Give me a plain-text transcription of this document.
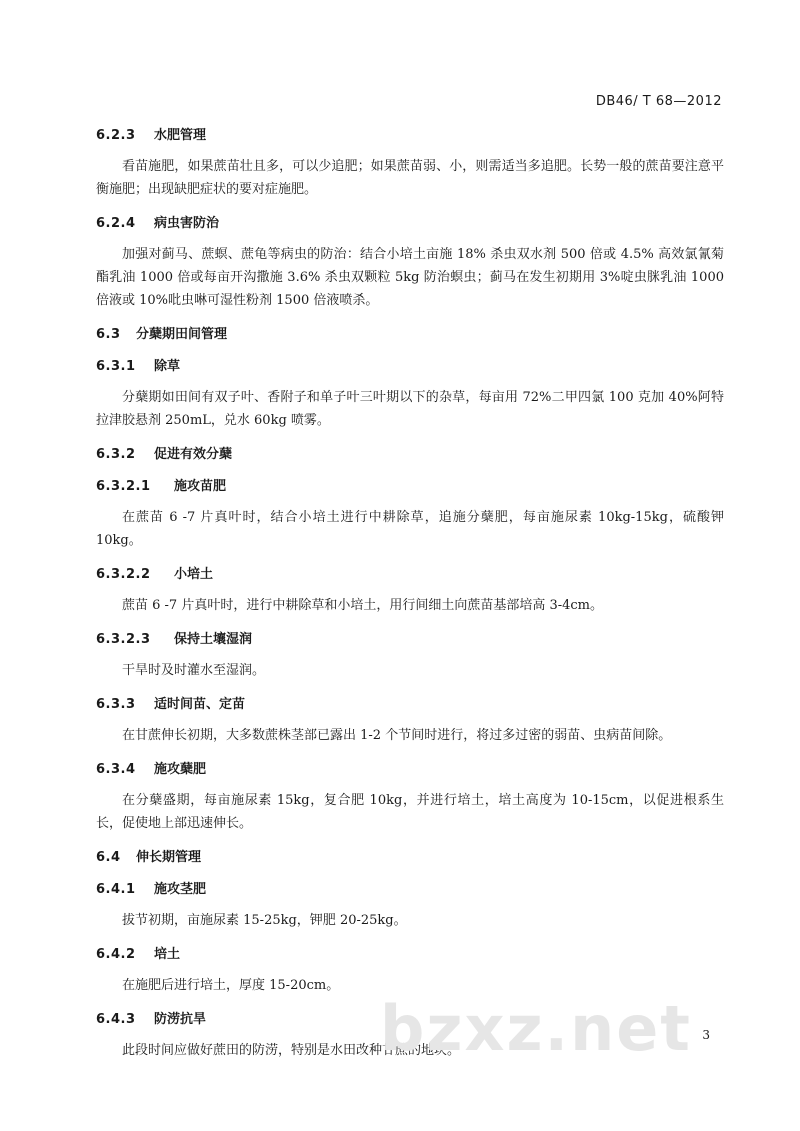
DB46/ T 68—2012
6.2.3 水肥管理

看苗施肥，如果蔗苗壮且多，可以少追肥；如果蔗苗弱、小，则需适当多追肥。长势一般的蔗苗要注意平衡施肥；出现缺肥症状的要对症施肥。

6.2.4 病虫害防治

加强对蓟马、蔗螟、蔗龟等病虫的防治：结合小培土亩施 18% 杀虫双水剂 500 倍或 4.5% 高效氯氰菊酯乳油 1000 倍或每亩开沟撒施 3.6% 杀虫双颗粒 5kg 防治螟虫；蓟马在发生初期用 3%啶虫脒乳油 1000 倍液或 10%吡虫啉可湿性粉剂 1500 倍液喷杀。

6.3 分蘖期田间管理
6.3.1 除草

分蘖期如田间有双子叶、香附子和单子叶三叶期以下的杂草，每亩用 72%二甲四氯 100 克加 40%阿特拉津胶悬剂 250mL，兑水 60kg 喷雾。

6.3.2 促进有效分蘖
6.3.2.1 施攻苗肥

在蔗苗 6 -7 片真叶时，结合小培土进行中耕除草，追施分蘖肥，每亩施尿素 10kg-15kg，硫酸钾 10kg。

6.3.2.2 小培土

蔗苗 6 -7 片真叶时，进行中耕除草和小培土，用行间细土向蔗苗基部培高 3-4cm。

6.3.2.3 保持土壤湿润

干旱时及时灌水至湿润。

6.3.3 适时间苗、定苗

在甘蔗伸长初期，大多数蔗株茎部已露出 1-2 个节间时进行，将过多过密的弱苗、虫病苗间除。

6.3.4 施攻蘖肥

在分蘖盛期，每亩施尿素 15kg，复合肥 10kg，并进行培土，培土高度为 10-15cm，以促进根系生长，促使地上部迅速伸长。

6.4 伸长期管理
6.4.1 施攻茎肥

拔节初期，亩施尿素 15-25kg，钾肥 20-25kg。

6.4.2 培土

在施肥后进行培土，厚度 15-20cm。

6.4.3 防涝抗旱

此段时间应做好蔗田的防涝，特别是水田改种甘蔗的地块。

bzxz.net 3
